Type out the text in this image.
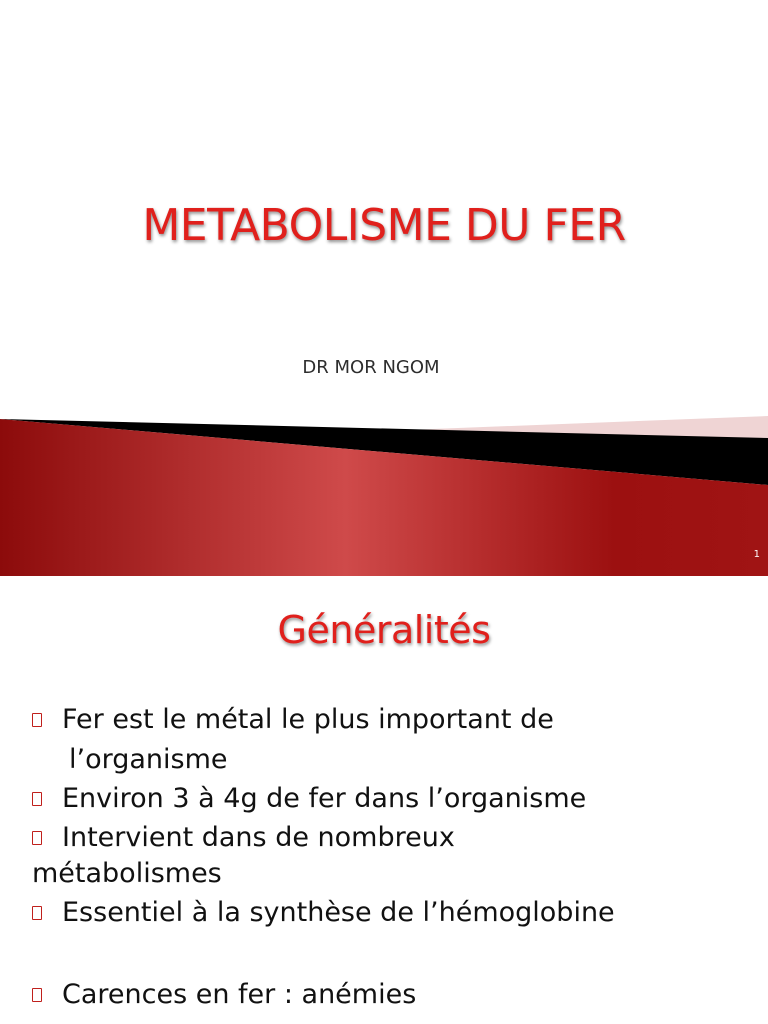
METABOLISME DU FER
DR MOR NGOM
1
Généralités
Fer est le métal le plus important de
l’organisme
Environ 3 à 4g de fer dans l’organisme
Intervient dans de nombreux
métabolismes
Essentiel à la synthèse de l’hémoglobine
Carences en fer : anémies
